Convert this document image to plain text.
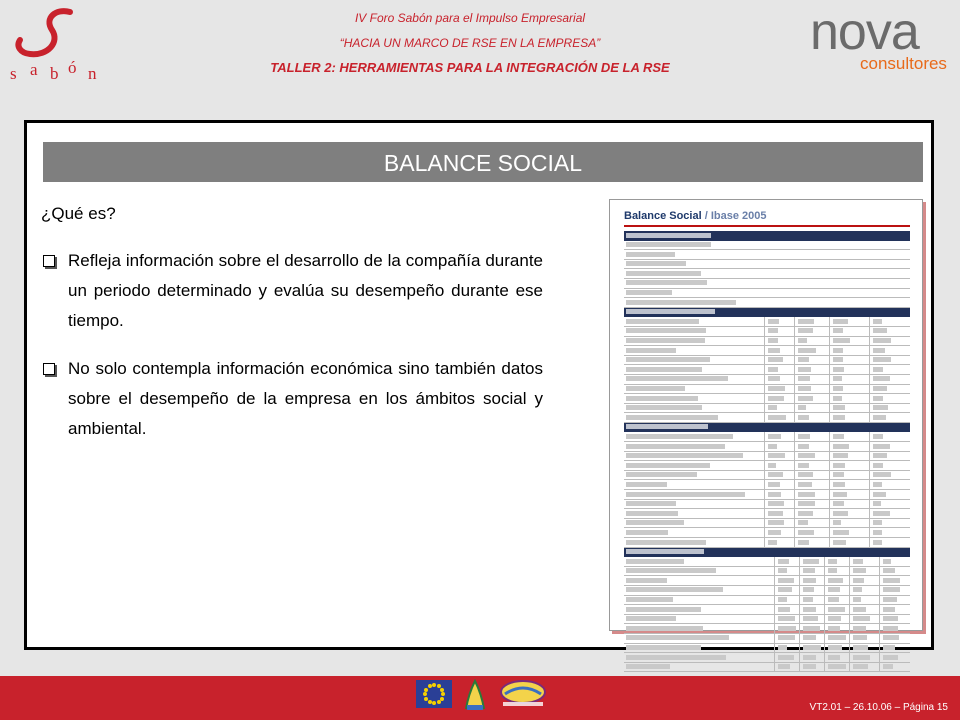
s a b ó n
IV Foro Sabón para el Impulso Empresarial
“HACIA UN MARCO DE RSE EN LA EMPRESA”
TALLER 2: HERRAMIENTAS PARA LA INTEGRACIÓN DE LA RSE
nova
consultores
BALANCE SOCIAL
¿Qué es?
Refleja información sobre el desarrollo de la compañía durante un periodo determinado y evalúa su desempeño durante ese tiempo.
No solo contempla información económica sino también datos sobre el desempeño de la empresa en los ámbitos social y ambiental.
Balance Social / Ibase 2005
VT2.01 – 26.10.06 – Página 15
